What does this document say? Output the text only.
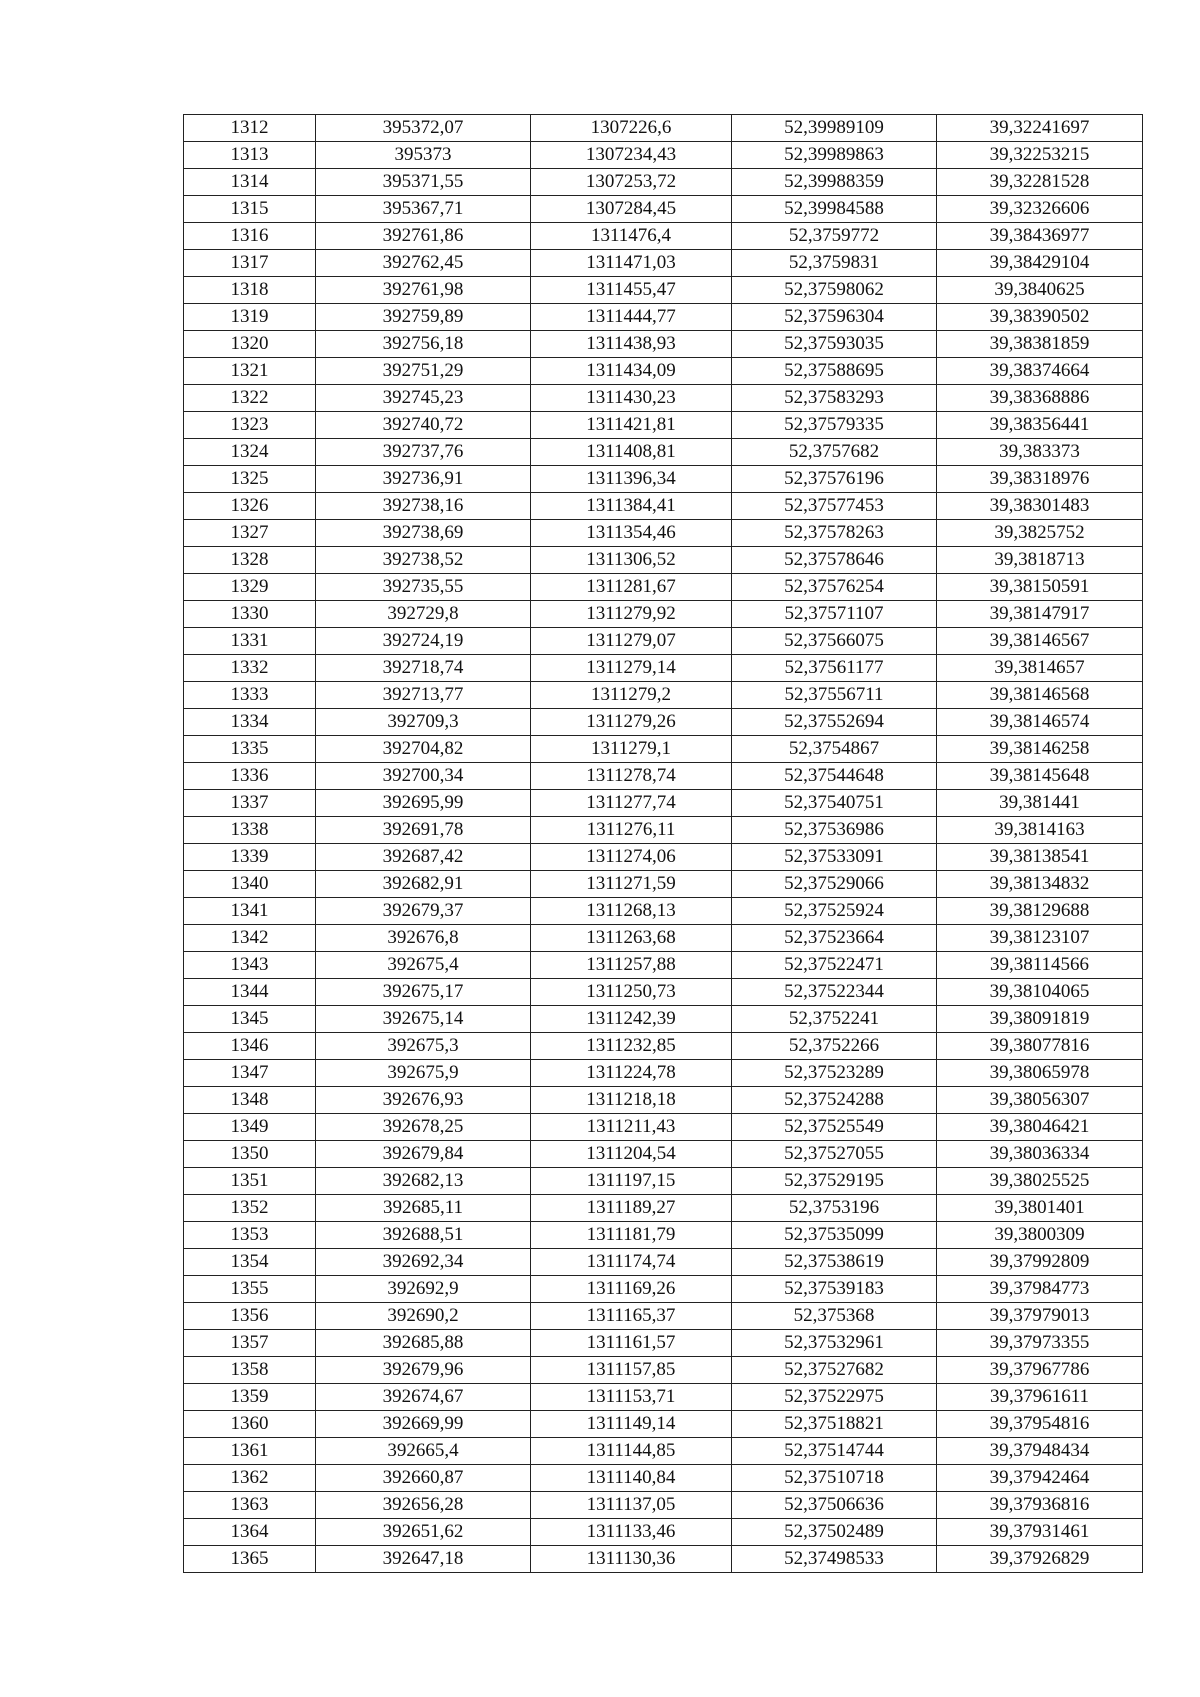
1312	395372,07	1307226,6	52,39989109	39,32241697
1313	395373	1307234,43	52,39989863	39,32253215
1314	395371,55	1307253,72	52,39988359	39,32281528
1315	395367,71	1307284,45	52,39984588	39,32326606
1316	392761,86	1311476,4	52,3759772	39,38436977
1317	392762,45	1311471,03	52,3759831	39,38429104
1318	392761,98	1311455,47	52,37598062	39,3840625
1319	392759,89	1311444,77	52,37596304	39,38390502
1320	392756,18	1311438,93	52,37593035	39,38381859
1321	392751,29	1311434,09	52,37588695	39,38374664
1322	392745,23	1311430,23	52,37583293	39,38368886
1323	392740,72	1311421,81	52,37579335	39,38356441
1324	392737,76	1311408,81	52,3757682	39,383373
1325	392736,91	1311396,34	52,37576196	39,38318976
1326	392738,16	1311384,41	52,37577453	39,38301483
1327	392738,69	1311354,46	52,37578263	39,3825752
1328	392738,52	1311306,52	52,37578646	39,3818713
1329	392735,55	1311281,67	52,37576254	39,38150591
1330	392729,8	1311279,92	52,37571107	39,38147917
1331	392724,19	1311279,07	52,37566075	39,38146567
1332	392718,74	1311279,14	52,37561177	39,3814657
1333	392713,77	1311279,2	52,37556711	39,38146568
1334	392709,3	1311279,26	52,37552694	39,38146574
1335	392704,82	1311279,1	52,3754867	39,38146258
1336	392700,34	1311278,74	52,37544648	39,38145648
1337	392695,99	1311277,74	52,37540751	39,381441
1338	392691,78	1311276,11	52,37536986	39,3814163
1339	392687,42	1311274,06	52,37533091	39,38138541
1340	392682,91	1311271,59	52,37529066	39,38134832
1341	392679,37	1311268,13	52,37525924	39,38129688
1342	392676,8	1311263,68	52,37523664	39,38123107
1343	392675,4	1311257,88	52,37522471	39,38114566
1344	392675,17	1311250,73	52,37522344	39,38104065
1345	392675,14	1311242,39	52,3752241	39,38091819
1346	392675,3	1311232,85	52,3752266	39,38077816
1347	392675,9	1311224,78	52,37523289	39,38065978
1348	392676,93	1311218,18	52,37524288	39,38056307
1349	392678,25	1311211,43	52,37525549	39,38046421
1350	392679,84	1311204,54	52,37527055	39,38036334
1351	392682,13	1311197,15	52,37529195	39,38025525
1352	392685,11	1311189,27	52,3753196	39,3801401
1353	392688,51	1311181,79	52,37535099	39,3800309
1354	392692,34	1311174,74	52,37538619	39,37992809
1355	392692,9	1311169,26	52,37539183	39,37984773
1356	392690,2	1311165,37	52,375368	39,37979013
1357	392685,88	1311161,57	52,37532961	39,37973355
1358	392679,96	1311157,85	52,37527682	39,37967786
1359	392674,67	1311153,71	52,37522975	39,37961611
1360	392669,99	1311149,14	52,37518821	39,37954816
1361	392665,4	1311144,85	52,37514744	39,37948434
1362	392660,87	1311140,84	52,37510718	39,37942464
1363	392656,28	1311137,05	52,37506636	39,37936816
1364	392651,62	1311133,46	52,37502489	39,37931461
1365	392647,18	1311130,36	52,37498533	39,37926829
